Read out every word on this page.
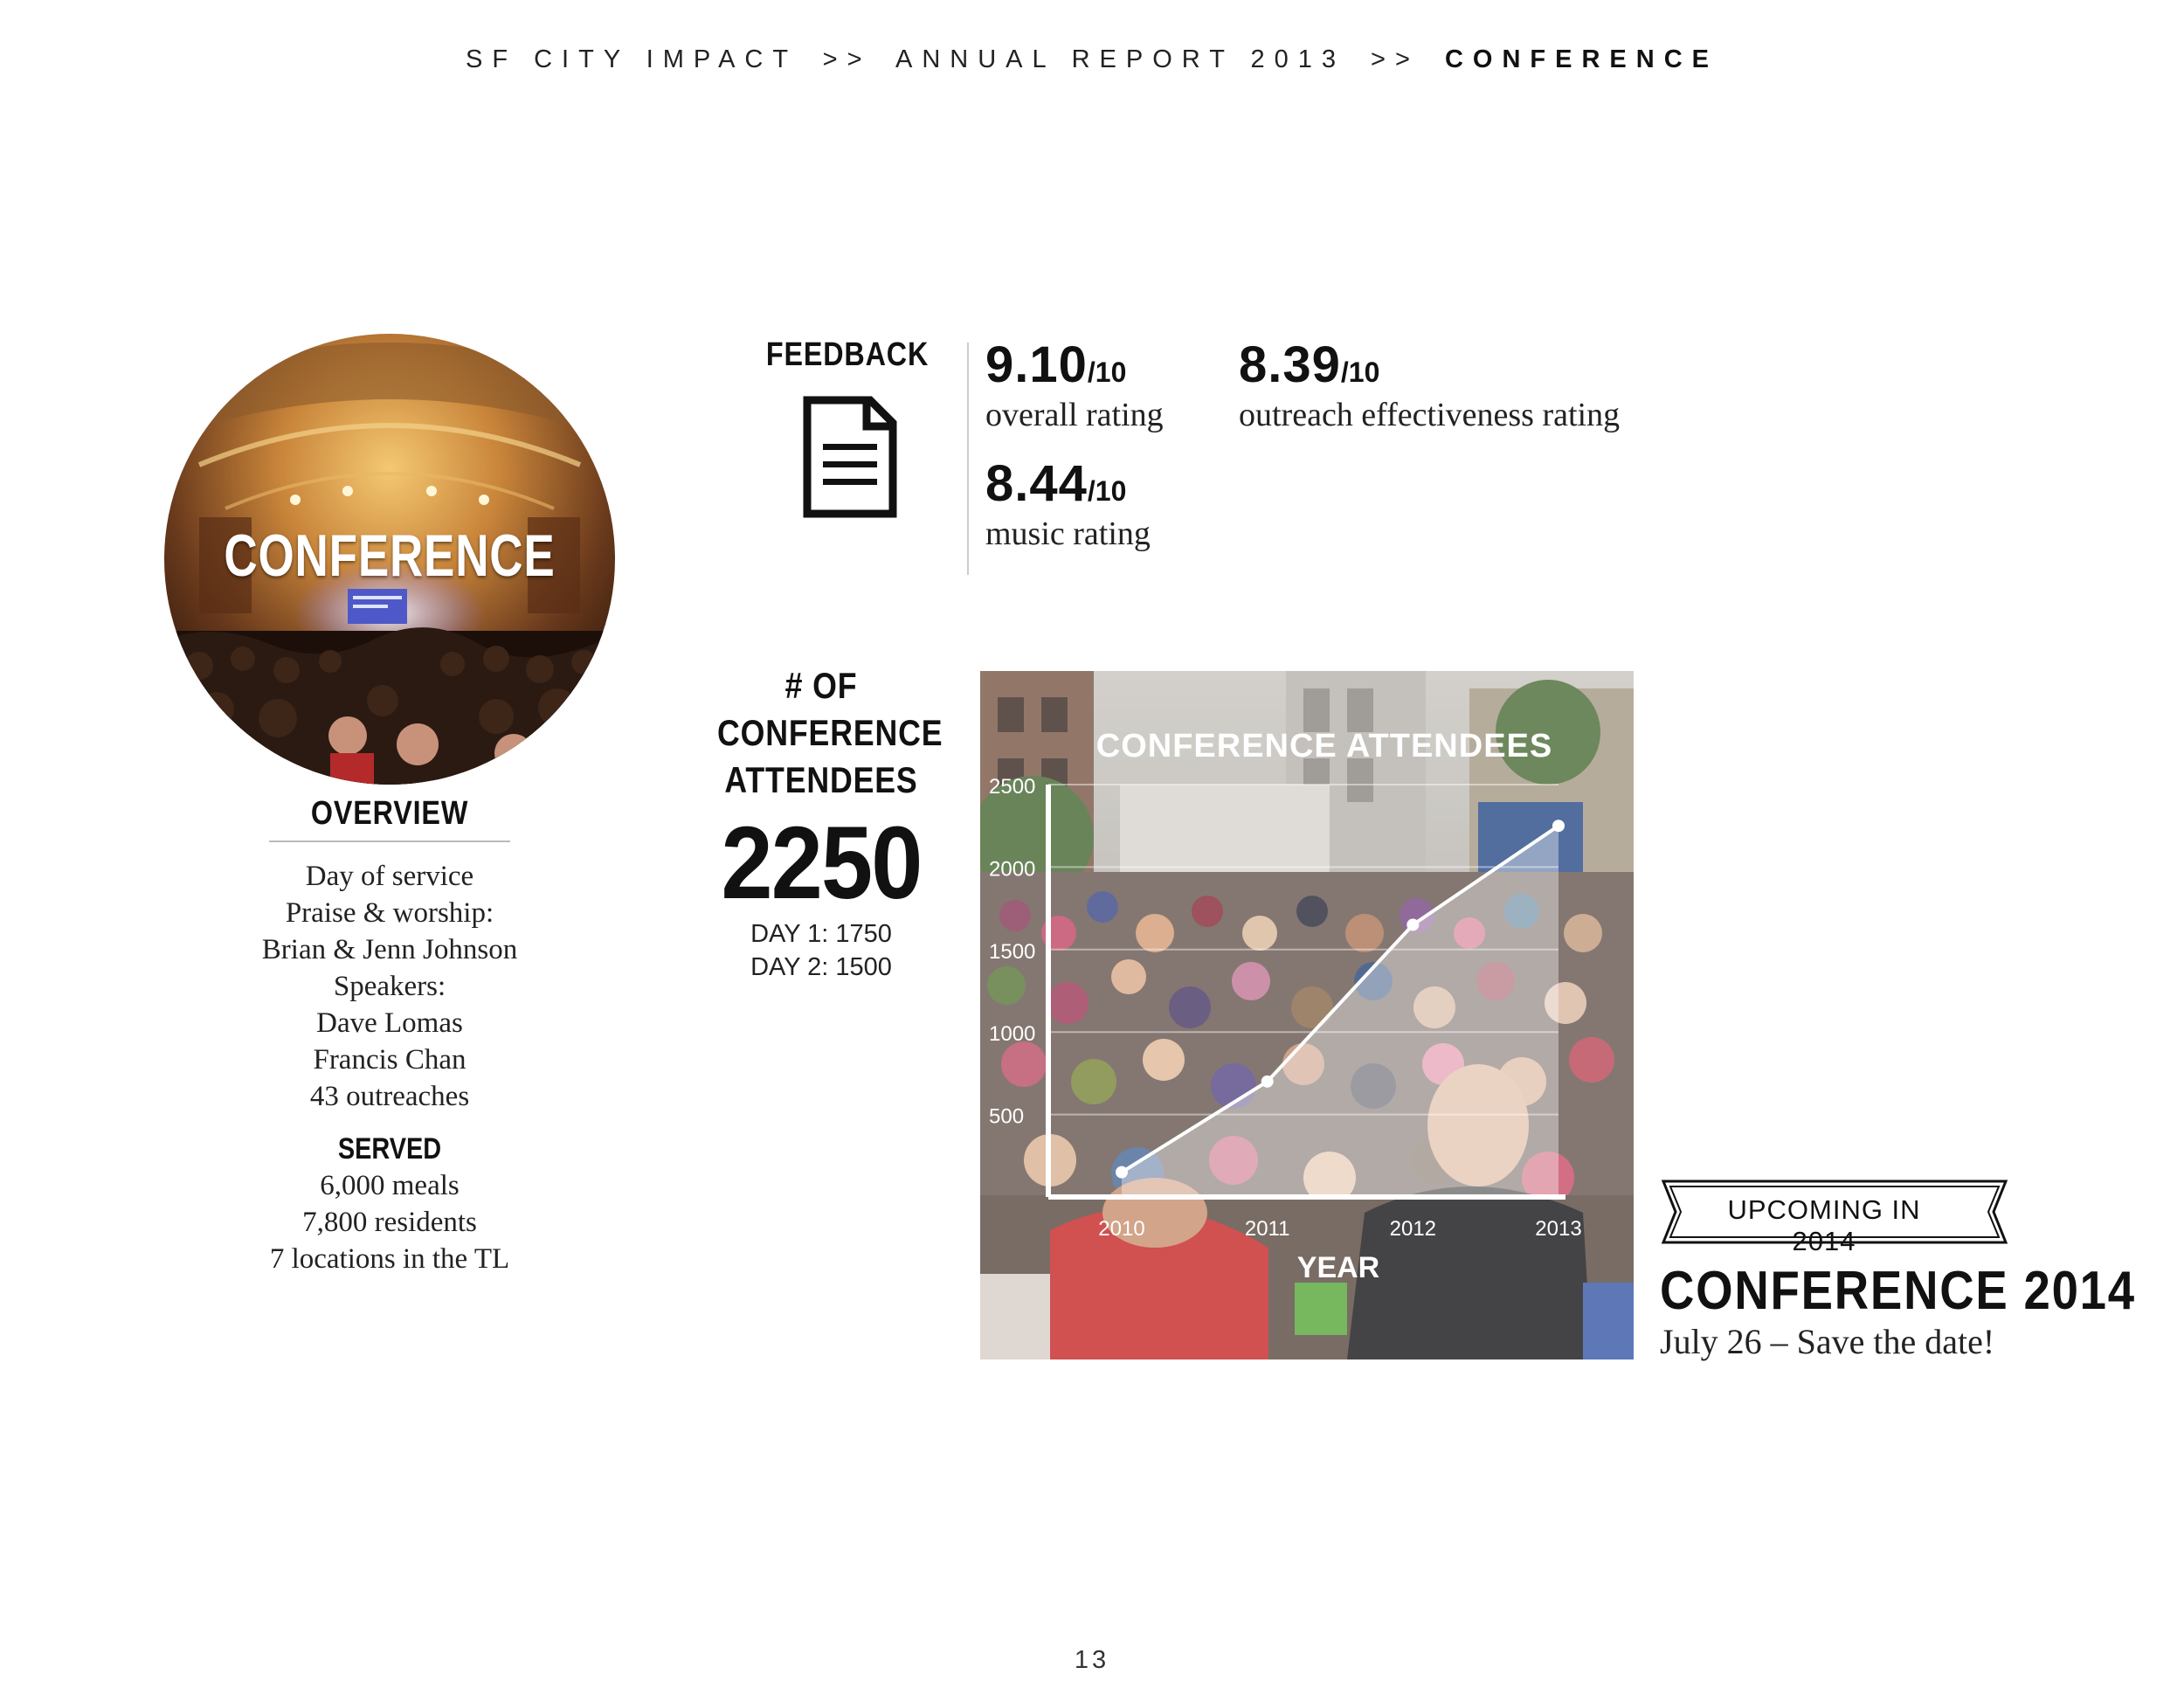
SF CITY IMPACT >> ANNUAL REPORT 2013 >> CONFERENCE
CONFERENCE
OVERVIEW
Day of service
Praise & worship:
Brian & Jenn Johnson
Speakers:
Dave Lomas
Francis Chan
43 outreaches
SERVED
6,000 meals
7,800 residents
7 locations in the TL
FEEDBACK 9.10/10
overall rating
8.39/10
outreach effectiveness rating
8.44/10
music rating
# OF
CONFERENCE
ATTENDEES
2250
DAY 1: 1750
DAY 2: 1500
500
1000
1500
2000
2500
2010	2011	2012	2013
CONFERENCE ATTENDEES
YEAR
UPCOMING IN 2014
CONFERENCE 2014
July 26 – Save the date!
13
